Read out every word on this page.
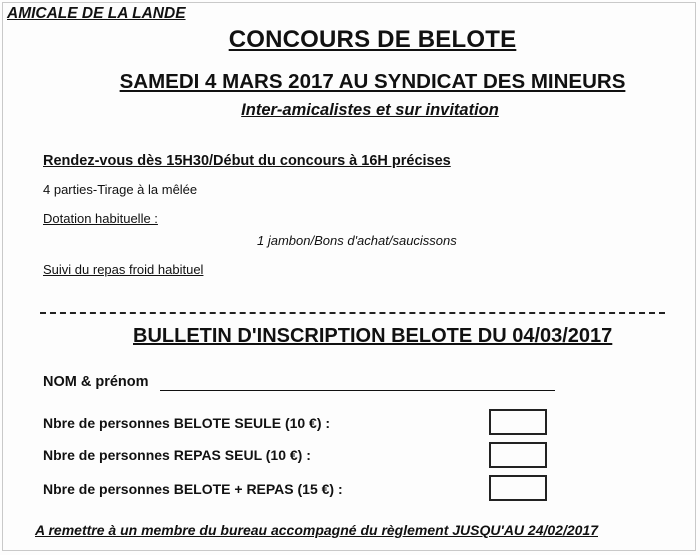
AMICALE DE LA LANDE
CONCOURS DE BELOTE
SAMEDI 4 MARS 2017 AU SYNDICAT DES MINEURS
Inter-amicalistes et sur invitation
Rendez-vous dès 15H30/Début du concours à 16H précises
4 parties-Tirage à la mêlée
Dotation habituelle :
1 jambon/Bons d'achat/saucissons
Suivi du repas froid habituel
BULLETIN D'INSCRIPTION BELOTE DU 04/03/2017
NOM & prénom
Nbre de personnes BELOTE SEULE (10 €) :
Nbre de personnes REPAS SEUL (10 €) :
Nbre de personnes BELOTE + REPAS (15 €) :
A remettre à un membre du bureau accompagné du règlement JUSQU'AU 24/02/2017
